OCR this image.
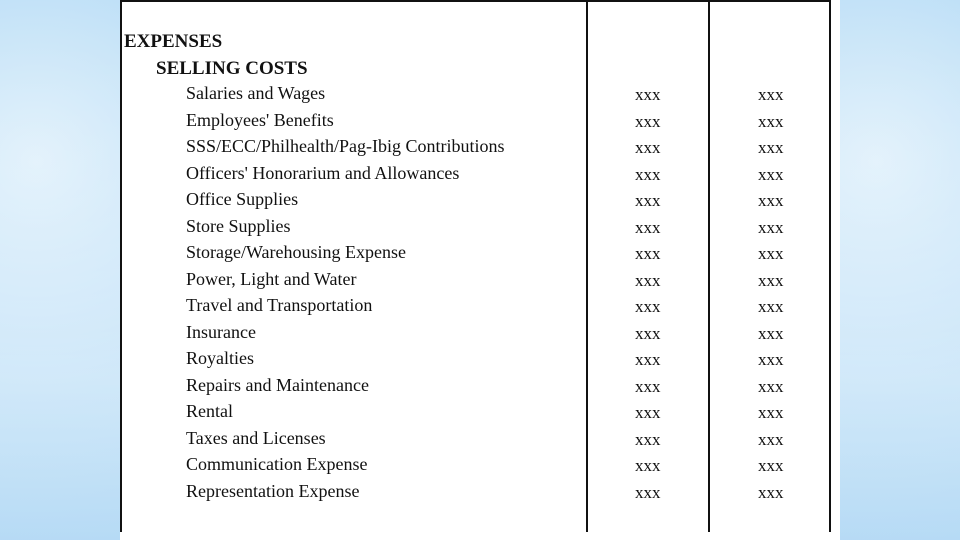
EXPENSES
SELLING COSTS
Salaries and Wages	xxx	xxx
Employees' Benefits	xxx	xxx
SSS/ECC/Philhealth/Pag-Ibig Contributions	xxx	xxx
Officers' Honorarium and Allowances	xxx	xxx
Office Supplies	xxx	xxx
Store Supplies	xxx	xxx
Storage/Warehousing Expense	xxx	xxx
Power, Light and Water	xxx	xxx
Travel and Transportation	xxx	xxx
Insurance	xxx	xxx
Royalties	xxx	xxx
Repairs and Maintenance	xxx	xxx
Rental	xxx	xxx
Taxes and Licenses	xxx	xxx
Communication Expense	xxx	xxx
Representation Expense	xxx	xxx
